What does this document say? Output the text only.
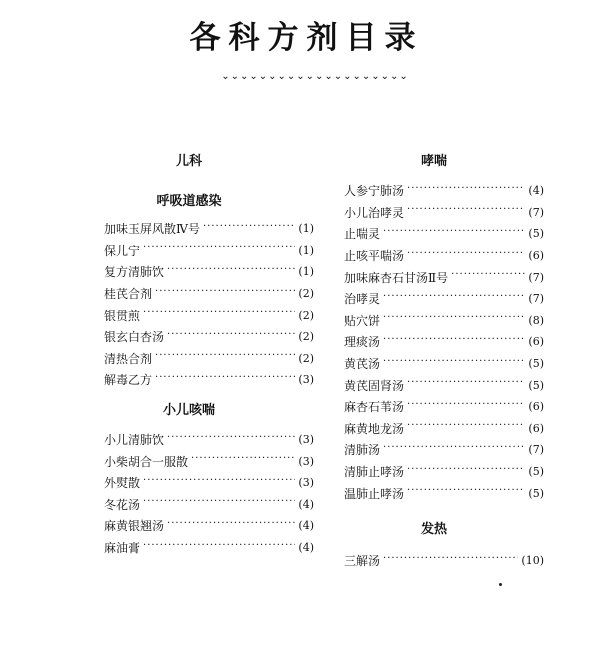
各科方剂目录
⌄⌄⌄⌄⌄⌄⌄⌄⌄⌄⌄⌄⌄⌄⌄⌄⌄⌄⌄⌄
儿科
呼吸道感染
加味玉屏风散Ⅳ号 ·····	(1)
保儿宁 ·····	(1)
复方清肺饮 ·····	(1)
桂芪合剂 ·····	(2)
银贯煎 ·····	(2)
银玄白杏汤 ·····	(2)
清热合剂 ·····	(2)
解毒乙方 ·····	(3)
小儿咳喘
小儿清肺饮 ·····	(3)
小柴胡合一服散 ·····	(3)
外熨散 ·····	(3)
冬花汤 ·····	(4)
麻黄银翘汤 ·····	(4)
麻油膏 ·····	(4)
哮喘
人参宁肺汤 ·····	(4)
小儿治哮灵 ·····	(7)
止喘灵 ·····	(5)
止咳平喘汤 ·····	(6)
加味麻杏石甘汤Ⅱ号 ·····	(7)
治哮灵 ·····	(7)
贴穴饼 ·····	(8)
理痰汤 ·····	(6)
黄芪汤 ·····	(5)
黄芪固肾汤 ·····	(5)
麻杏石苇汤 ·····	(6)
麻黄地龙汤 ·····	(6)
清肺汤 ·····	(7)
清肺止哮汤 ·····	(5)
温肺止哮汤 ·····	(5)
发热
三解汤 ·····	(10)
